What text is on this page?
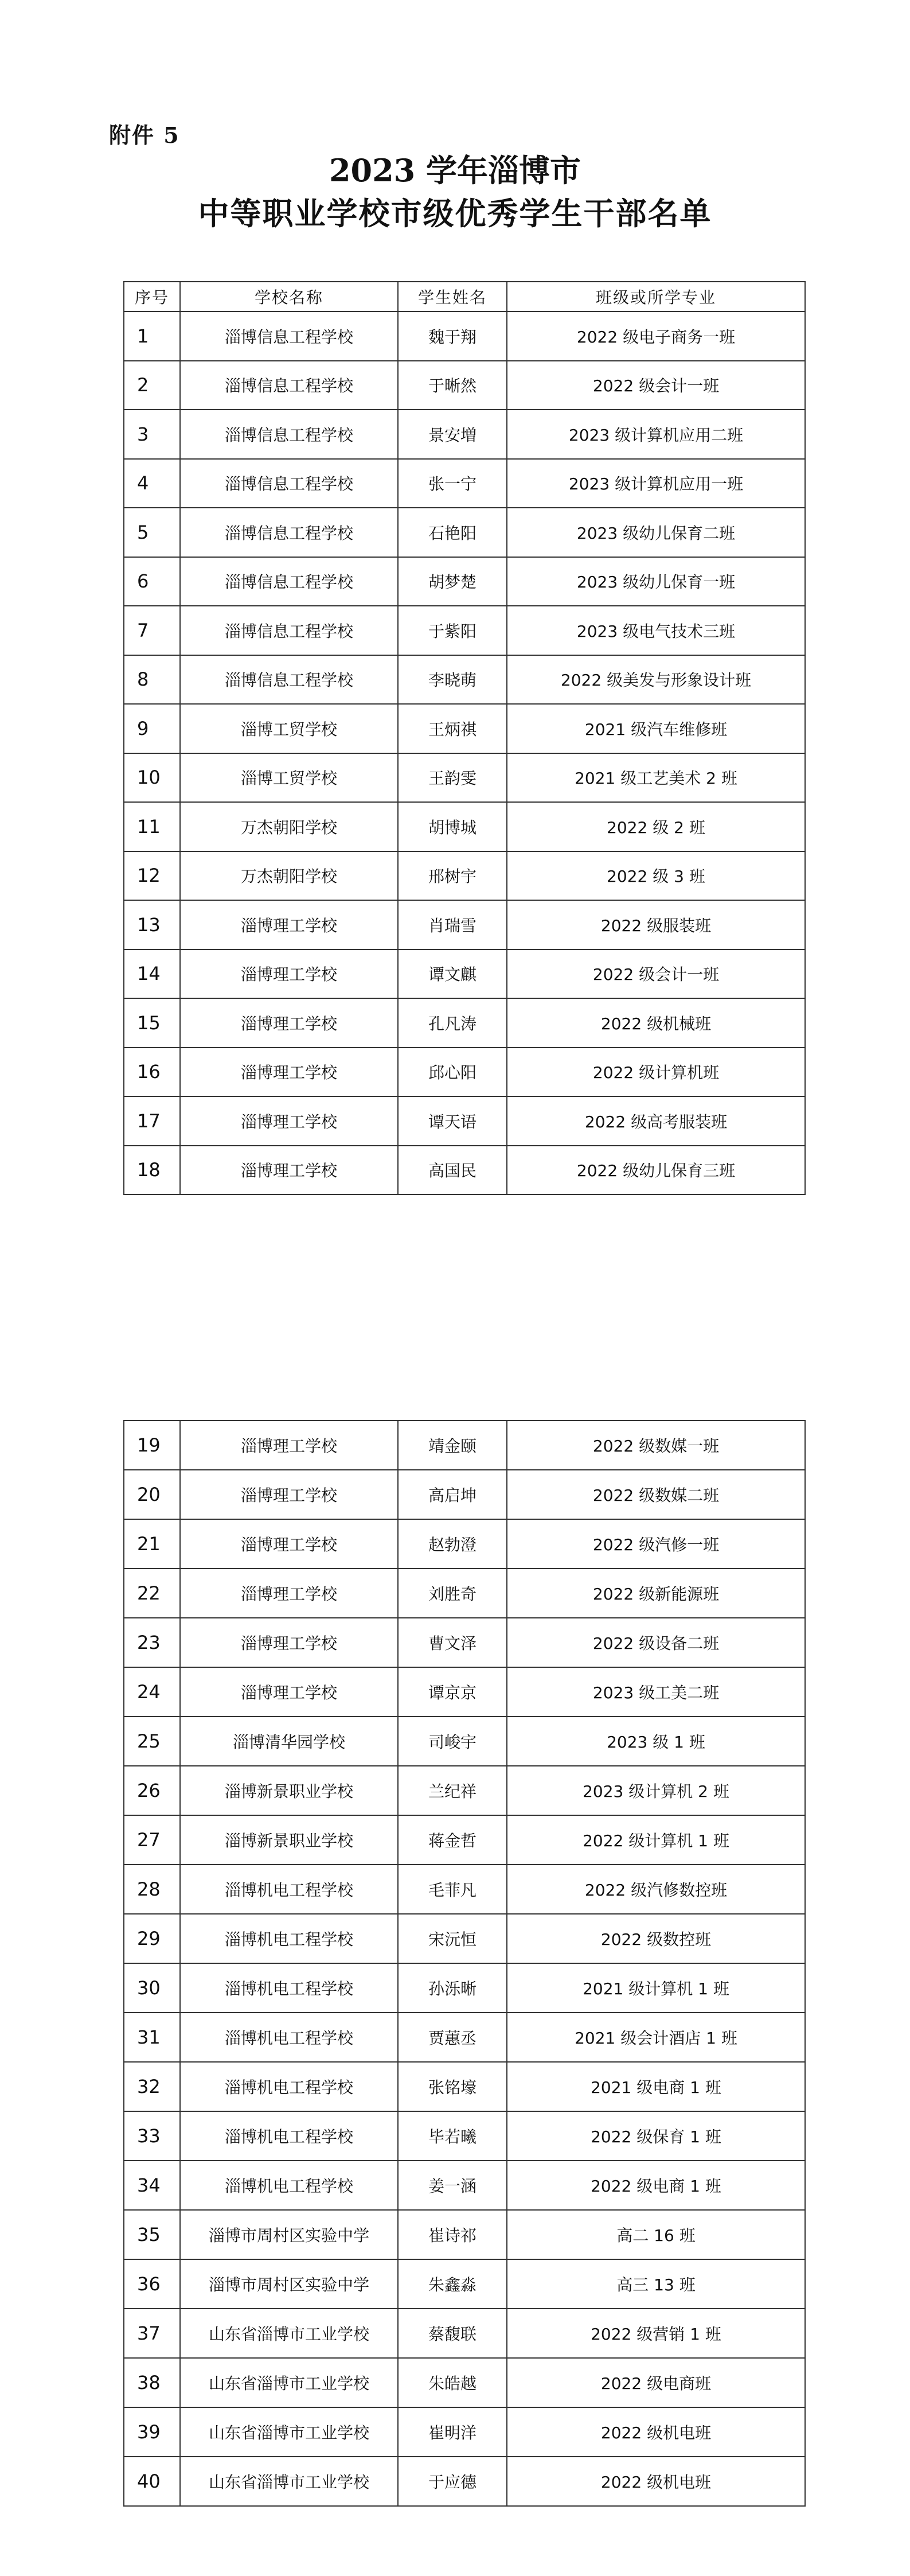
附件 5
2023 学年淄博市
中等职业学校市级优秀学生干部名单
序号	学校名称	学生姓名	班级或所学专业
1	淄博信息工程学校	魏于翔	2022 级电子商务一班
2	淄博信息工程学校	于晰然	2022 级会计一班
3	淄博信息工程学校	景安増	2023 级计算机应用二班
4	淄博信息工程学校	张一宁	2023 级计算机应用一班
5	淄博信息工程学校	石艳阳	2023 级幼儿保育二班
6	淄博信息工程学校	胡梦楚	2023 级幼儿保育一班
7	淄博信息工程学校	于紫阳	2023 级电气技术三班
8	淄博信息工程学校	李晓萌	2022 级美发与形象设计班
9	淄博工贸学校	王炳祺	2021 级汽车维修班
10	淄博工贸学校	王韵雯	2021 级工艺美术 2 班
11	万杰朝阳学校	胡博城	2022 级 2 班
12	万杰朝阳学校	邢树宇	2022 级 3 班
13	淄博理工学校	肖瑞雪	2022 级服装班
14	淄博理工学校	谭文麒	2022 级会计一班
15	淄博理工学校	孔凡涛	2022 级机械班
16	淄博理工学校	邱心阳	2022 级计算机班
17	淄博理工学校	谭天语	2022 级高考服装班
18	淄博理工学校	高国民	2022 级幼儿保育三班
19	淄博理工学校	靖金颐	2022 级数媒一班
20	淄博理工学校	高启坤	2022 级数媒二班
21	淄博理工学校	赵勃澄	2022 级汽修一班
22	淄博理工学校	刘胜奇	2022 级新能源班
23	淄博理工学校	曹文泽	2022 级设备二班
24	淄博理工学校	谭京京	2023 级工美二班
25	淄博清华园学校	司峻宇	2023 级 1 班
26	淄博新景职业学校	兰纪祥	2023 级计算机 2 班
27	淄博新景职业学校	蒋金哲	2022 级计算机 1 班
28	淄博机电工程学校	毛菲凡	2022 级汽修数控班
29	淄博机电工程学校	宋沅恒	2022 级数控班
30	淄博机电工程学校	孙泺晰	2021 级计算机 1 班
31	淄博机电工程学校	贾蕙丞	2021 级会计酒店 1 班
32	淄博机电工程学校	张铭壕	2021 级电商 1 班
33	淄博机电工程学校	毕若曦	2022 级保育 1 班
34	淄博机电工程学校	姜一涵	2022 级电商 1 班
35	淄博市周村区实验中学	崔诗祁	高二 16 班
36	淄博市周村区实验中学	朱鑫淼	高三 13 班
37	山东省淄博市工业学校	蔡馥联	2022 级营销 1 班
38	山东省淄博市工业学校	朱皓越	2022 级电商班
39	山东省淄博市工业学校	崔明洋	2022 级机电班
40	山东省淄博市工业学校	于应德	2022 级机电班
